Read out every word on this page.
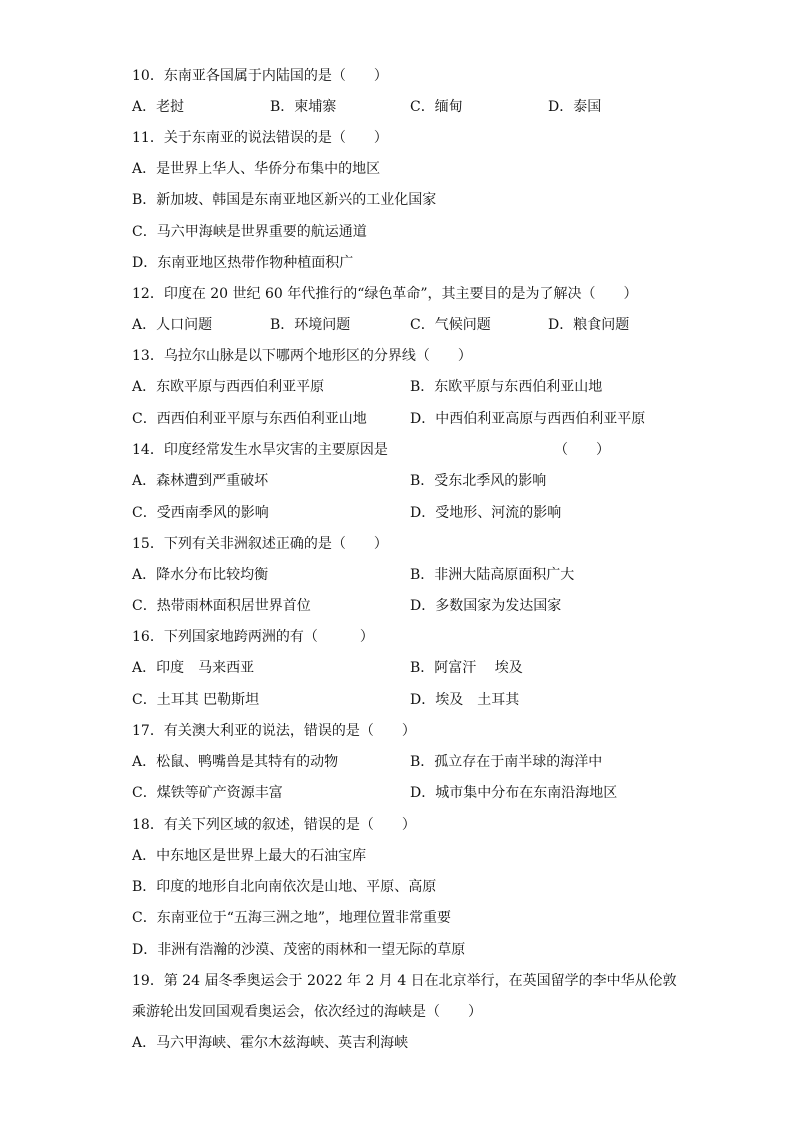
10．东南亚各国属于内陆国的是（　　）
A．老挝	B．柬埔寨	C．缅甸	D．泰国
11．关于东南亚的说法错误的是（　　）
A．是世界上华人、华侨分布集中的地区
B．新加坡、韩国是东南亚地区新兴的工业化国家
C．马六甲海峡是世界重要的航运通道
D．东南亚地区热带作物种植面积广
12．印度在 20 世纪 60 年代推行的“绿色革命”，其主要目的是为了解决（　　）
A．人口问题	B．环境问题	C．气候问题	D．粮食问题
13．乌拉尔山脉是以下哪两个地形区的分界线（　　）
A．东欧平原与西西伯利亚平原	B．东欧平原与东西伯利亚山地
C．西西伯利亚平原与东西伯利亚山地	D．中西伯利亚高原与西西伯利亚平原
14．印度经常发生水旱灾害的主要原因是	（　　）
A．森林遭到严重破坏	B．受东北季风的影响
C．受西南季风的影响	D．受地形、河流的影响
15．下列有关非洲叙述正确的是（　　）
A．降水分布比较均衡	B．非洲大陆高原面积广大
C．热带雨林面积居世界首位	D．多数国家为发达国家
16．下列国家地跨两洲的有（　　　）
A．印度　马来西亚	B．阿富汗　 埃及
C．土耳其 巴勒斯坦	D．埃及　土耳其
17．有关澳大利亚的说法，错误的是（　　）
A．松鼠、鸭嘴兽是其特有的动物	B．孤立存在于南半球的海洋中
C．煤铁等矿产资源丰富	D．城市集中分布在东南沿海地区
18．有关下列区域的叙述，错误的是（　　）
A．中东地区是世界上最大的石油宝库
B．印度的地形自北向南依次是山地、平原、高原
C．东南亚位于“五海三洲之地”，地理位置非常重要
D．非洲有浩瀚的沙漠、茂密的雨林和一望无际的草原
19．第 24 届冬季奥运会于 2022 年 2 月 4 日在北京举行，在英国留学的李中华从伦敦
乘游轮出发回国观看奥运会，依次经过的海峡是（　　）
A．马六甲海峡、霍尔木兹海峡、英吉利海峡
